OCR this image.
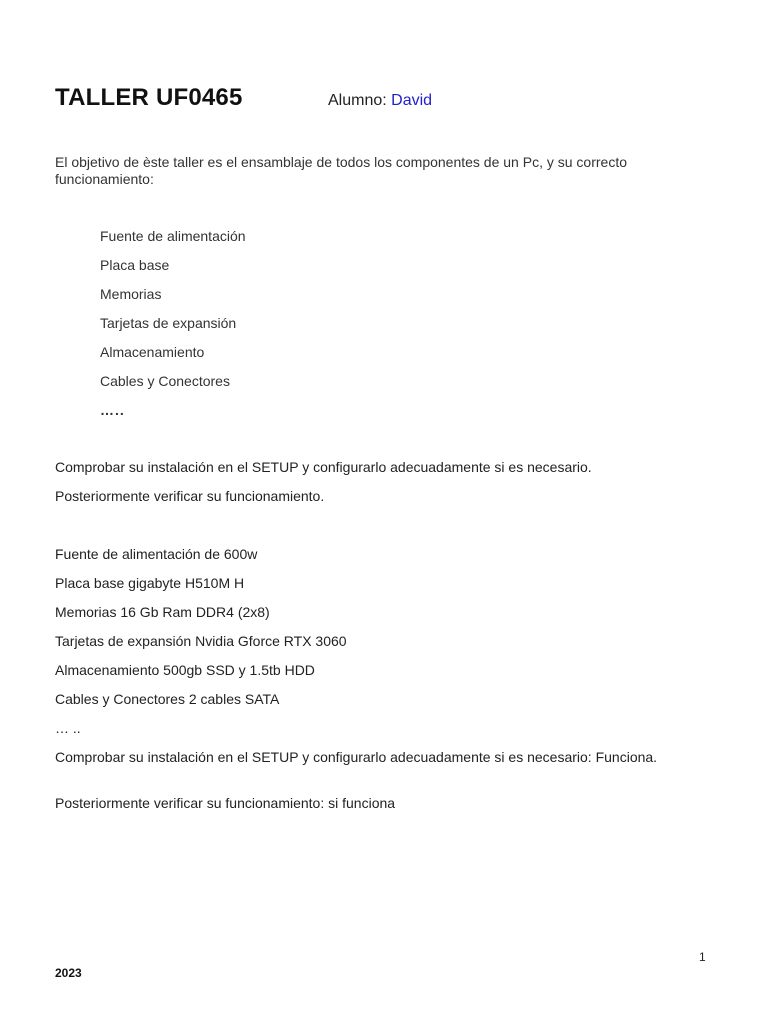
TALLER UF0465	Alumno: David
El objetivo de èste taller es el ensamblaje de todos los componentes de un Pc, y su correcto funcionamiento:
Fuente de alimentación
Placa base
Memorias
Tarjetas de expansión
Almacenamiento
Cables y Conectores
…..
Comprobar su instalación en el SETUP y configurarlo adecuadamente si es necesario.
Posteriormente verificar su funcionamiento.
Fuente de alimentación de 600w
Placa base gigabyte H510M H
Memorias 16 Gb Ram DDR4 (2x8)
Tarjetas de expansión Nvidia Gforce RTX 3060
Almacenamiento 500gb SSD y 1.5tb HDD
Cables y Conectores 2 cables SATA
… ..
Comprobar su instalación en el SETUP y configurarlo adecuadamente si es necesario: Funciona.
Posteriormente verificar su funcionamiento: si funciona
1
2023
